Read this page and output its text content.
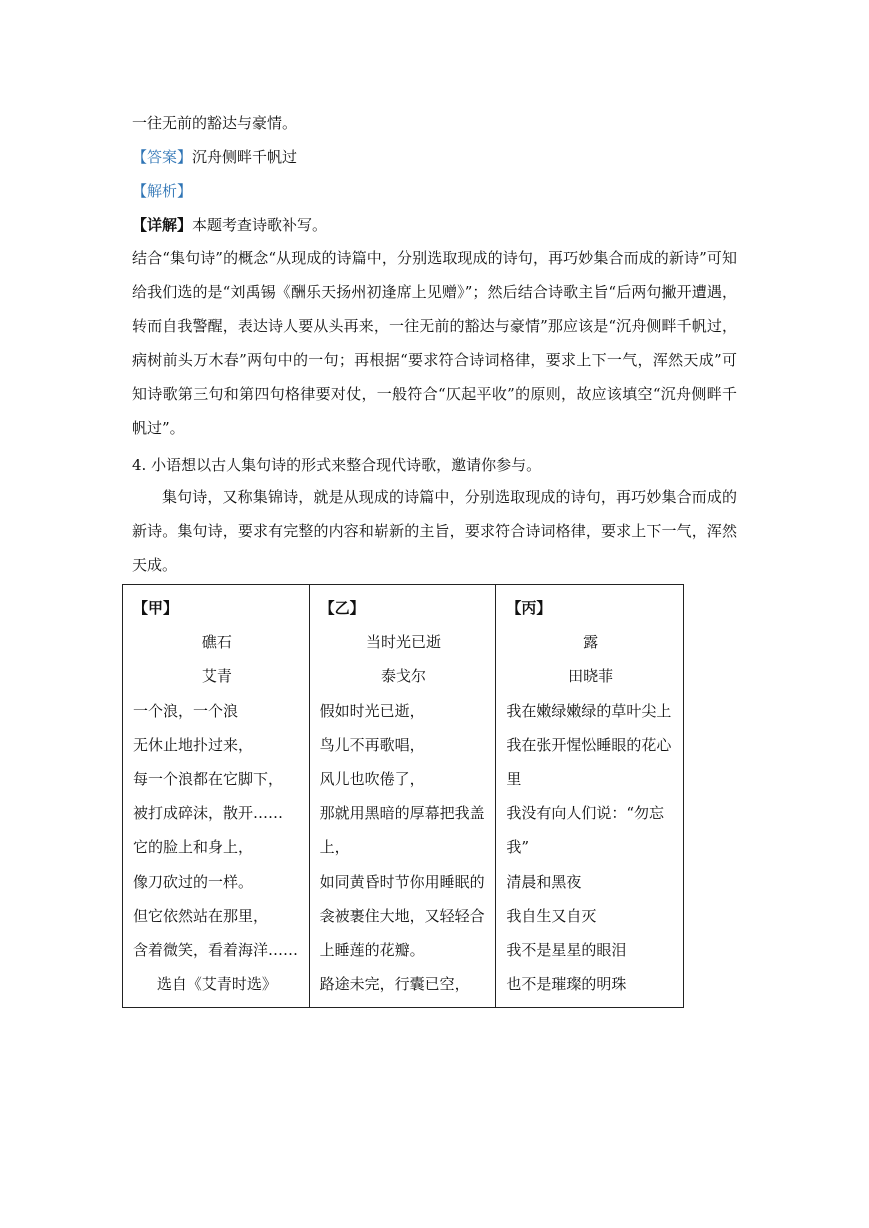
一往无前的豁达与豪情。
【答案】沉舟侧畔千帆过
【解析】
【详解】本题考查诗歌补写。
结合“集句诗”的概念“从现成的诗篇中，分别选取现成的诗句，再巧妙集合而成的新诗”可知给我们选的是“刘禹锡《酬乐天扬州初逢席上见赠》”；然后结合诗歌主旨“后两句撇开遭遇，转而自我警醒，表达诗人要从头再来，一往无前的豁达与豪情”那应该是“沉舟侧畔千帆过，病树前头万木春”两句中的一句；再根据“要求符合诗词格律，要求上下一气，浑然天成”可知诗歌第三句和第四句格律要对仗，一般符合“仄起平收”的原则，故应该填空“沉舟侧畔千帆过”。
4. 小语想以古人集句诗的形式来整合现代诗歌，邀请你参与。
集句诗，又称集锦诗，就是从现成的诗篇中，分别选取现成的诗句，再巧妙集合而成的新诗。集句诗，要求有完整的内容和崭新的主旨，要求符合诗词格律，要求上下一气，浑然天成。
【甲】
礁石
艾青
一个浪，一个浪
无休止地扑过来，
每一个浪都在它脚下，
被打成碎沫，散开……
它的脸上和身上，
像刀砍过的一样。
但它依然站在那里，
含着微笑，看着海洋……
选自《艾青时选》

【乙】
当时光已逝
泰戈尔
假如时光已逝，
鸟儿不再歌唱，
风儿也吹倦了，
那就用黑暗的厚幕把我盖
上，
如同黄昏时节你用睡眠的
衾被裹住大地，又轻轻合
上睡莲的花瓣。
路途未完，行囊已空，

【丙】
露
田晓菲
我在嫩绿嫩绿的草叶尖上
我在张开惺忪睡眼的花心
里
我没有向人们说：“勿忘
我”
清晨和黑夜
我自生又自灭
我不是星星的眼泪
也不是璀璨的明珠
